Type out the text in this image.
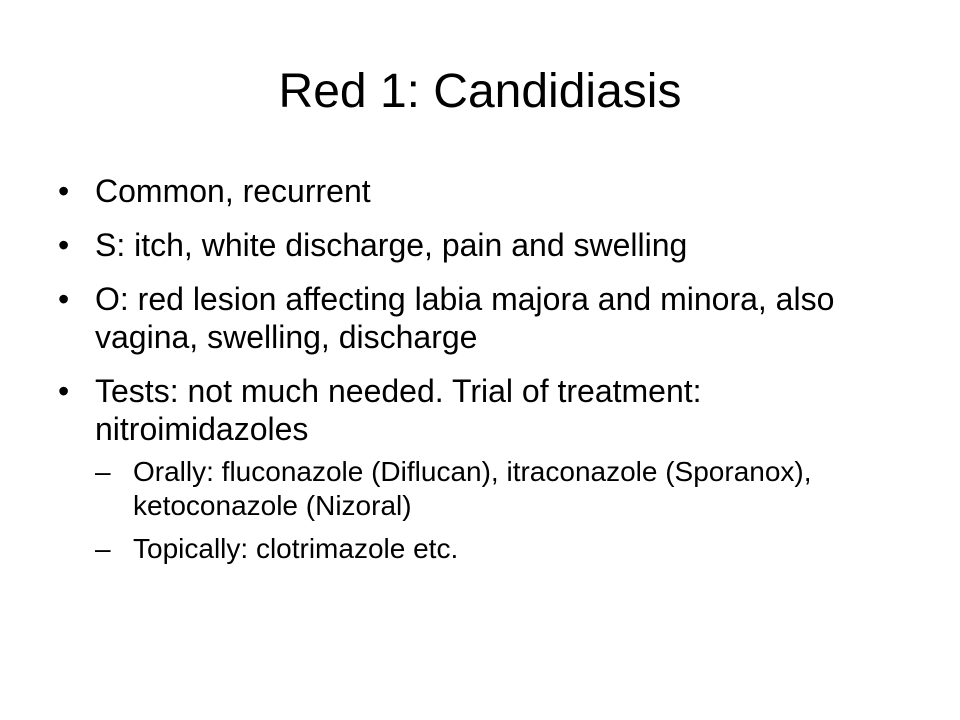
Red 1: Candidiasis
• Common, recurrent
• S: itch, white discharge, pain and swelling
• O: red lesion affecting labia majora and minora, also vagina, swelling, discharge
• Tests: not much needed. Trial of treatment: nitroimidazoles
– Orally: fluconazole (Diflucan), itraconazole (Sporanox), ketoconazole (Nizoral)
– Topically: clotrimazole etc.
